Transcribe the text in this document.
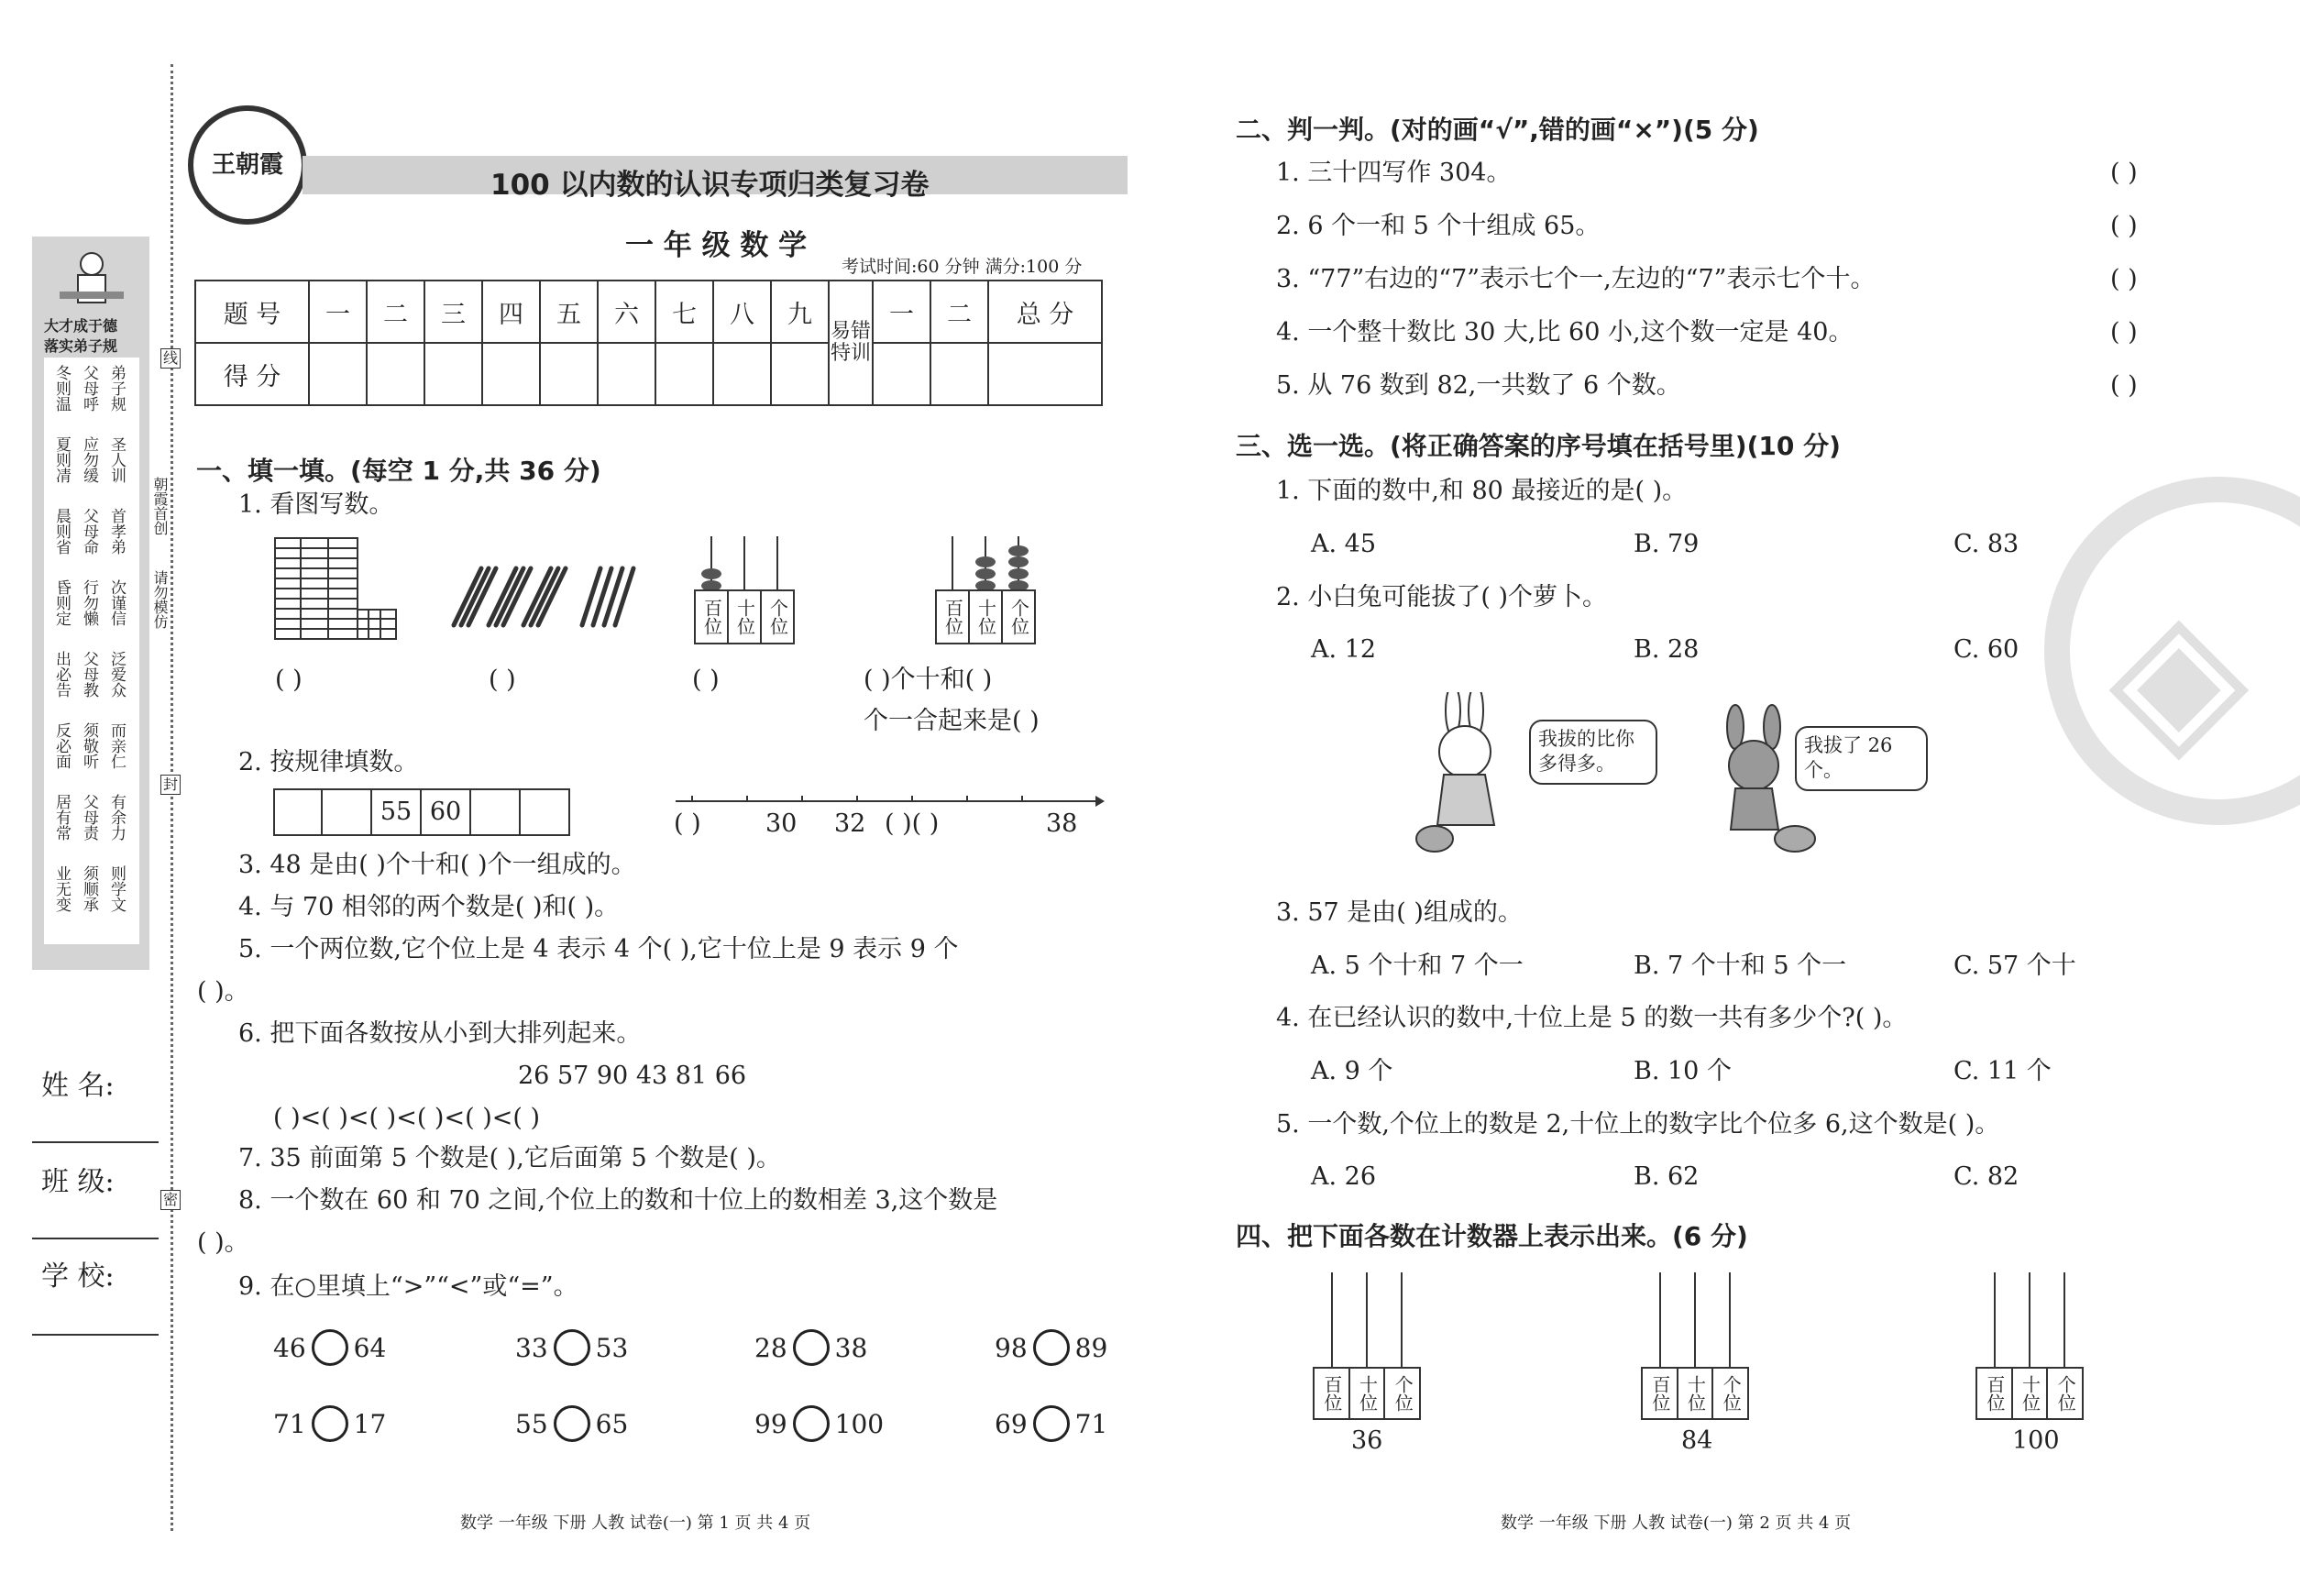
大才成于德
落实弟子规
冬则温 父母呼 弟子规
夏则凊 应勿缓 圣人训
晨则省 父母命 首孝弟
昏则定 行勿懒 次谨信
出必告 父母教 泛爱众
反必面 须敬听 而亲仁
居有常 父母责 有余力
业无变 须顺承 则学文
朝霞首创
请勿模仿
线
封
密
姓 名:
班 级:
学 校:
王朝霞
100 以内数的认识专项归类复习卷
一 年 级 数 学
考试时间:60 分钟 满分:100 分
题 号	一	二	三	四	五	六	七	八	九	易错特训	一	二	总 分
得 分													
一、填一填。(每空 1 分,共 36 分)
1. 看图写数。
百位 十位 个位	百位 十位 个位
( )	( )	( )	( )个十和( )
个一合起来是( )
2. 按规律填数。
55 60	( )	30 32 ( )( )	38
3. 48 是由( )个十和( )个一组成的。
4. 与 70 相邻的两个数是( )和( )。
5. 一个两位数,它个位上是 4 表示 4 个( ),它十位上是 9 表示 9 个
( )。
6. 把下面各数按从小到大排列起来。
26 57 90 43 81 66
( )<( )<( )<( )<( )<( )
7. 35 前面第 5 个数是( ),它后面第 5 个数是( )。
8. 一个数在 60 和 70 之间,个位上的数和十位上的数相差 3,这个数是
( )。
9. 在○里填上“>”“<”或“=”。
46 64	33 53	28 38	98 89
71 17	55 65	99 100	69 71
数学 一年级 下册 人教 试卷(一) 第 1 页 共 4 页
◈
二、判一判。(对的画“√”,错的画“×”)(5 分)
1. 三十四写作 304。	( )
2. 6 个一和 5 个十组成 65。	( )
3. “77”右边的“7”表示七个一,左边的“7”表示七个十。	( )
4. 一个整十数比 30 大,比 60 小,这个数一定是 40。	( )
5. 从 76 数到 82,一共数了 6 个数。	( )
三、选一选。(将正确答案的序号填在括号里)(10 分)
1. 下面的数中,和 80 最接近的是( )。
A. 45	B. 79	C. 83
2. 小白兔可能拔了( )个萝卜。
A. 12	B. 28	C. 60
我拔的比你多得多。
我拔了 26 个。
3. 57 是由( )组成的。
A. 5 个十和 7 个一	B. 7 个十和 5 个一	C. 57 个十
4. 在已经认识的数中,十位上是 5 的数一共有多少个?( )。
A. 9 个	B. 10 个	C. 11 个
5. 一个数,个位上的数是 2,十位上的数字比个位多 6,这个数是( )。
A. 26	B. 62	C. 82
四、把下面各数在计数器上表示出来。(6 分)
百位 十位 个位
36
百位 十位 个位
84
百位 十位 个位
100
数学 一年级 下册 人教 试卷(一) 第 2 页 共 4 页
